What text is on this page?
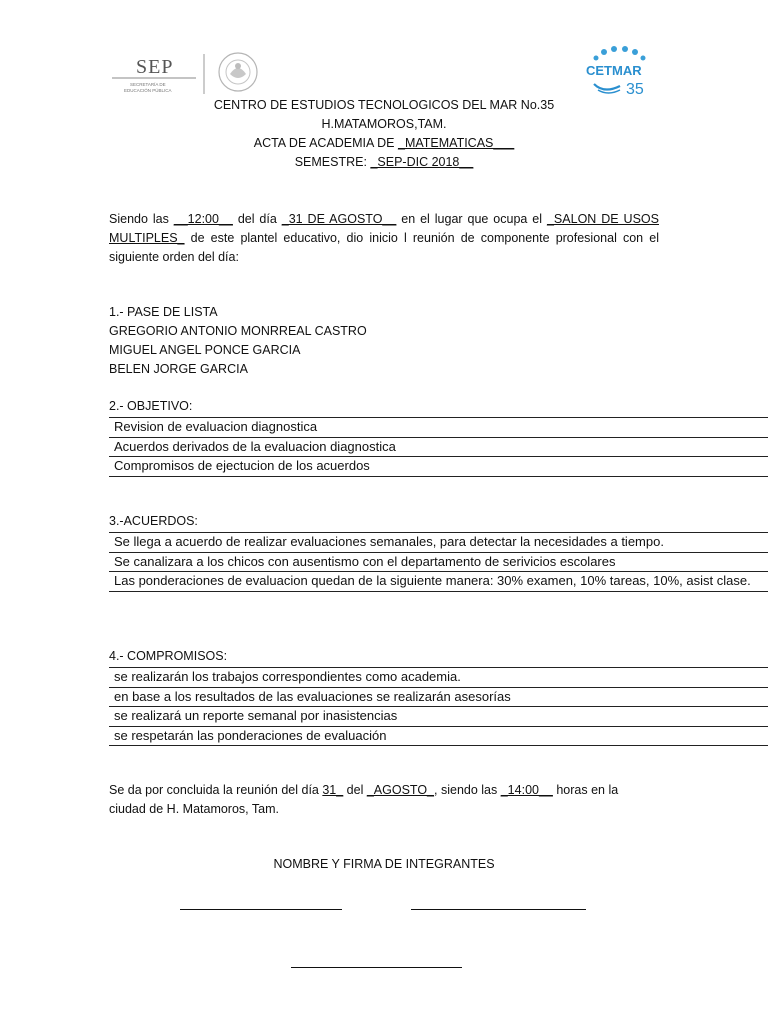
SEP
SECRETARÍA DE
EDUCACIÓN PÚBLICA
CETMAR
35
CENTRO DE ESTUDIOS TECNOLOGICOS DEL MAR No.35
H.MATAMOROS,TAM.
ACTA DE ACADEMIA DE _MATEMATICAS___
SEMESTRE: _SEP-DIC 2018__
Siendo las __12:00__ del día _31 DE AGOSTO__ en el lugar que ocupa el _SALON DE USOS MULTIPLES_ de este plantel educativo, dio inicio l reunión de componente profesional con el siguiente orden del día:
1.- PASE DE LISTA
GREGORIO ANTONIO MONRREAL CASTRO
MIGUEL ANGEL PONCE GARCIA
BELEN JORGE GARCIA
2.- OBJETIVO:
Revision de evaluacion diagnostica
Acuerdos derivados de la evaluacion diagnostica
Compromisos de ejectucion de los acuerdos
3.-ACUERDOS:
Se llega a acuerdo de realizar evaluaciones semanales, para detectar la necesidades a tiempo.
Se canalizara a los chicos con ausentismo con el departamento de serivicios escolares
Las ponderaciones de evaluacion quedan de la siguiente manera: 30% examen, 10% tareas, 10%, asist clase.
4.- COMPROMISOS:
se realizarán los trabajos correspondientes como academia.
en base a los resultados de las evaluaciones se realizarán asesorías
se realizará un reporte semanal por inasistencias
se respetarán las ponderaciones de evaluación
Se da por concluida la reunión del día 31_ del _AGOSTO_, siendo las _14:00__ horas en la
ciudad de H. Matamoros, Tam.
NOMBRE Y FIRMA DE INTEGRANTES
